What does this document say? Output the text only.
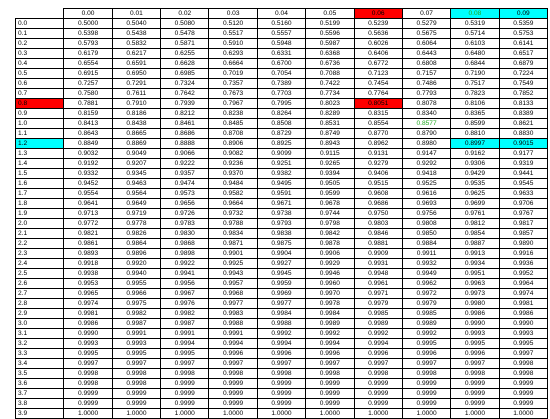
	0.00	0.01	0.02	0.03	0.04	0.05	0.06	0.07	0.08	0.09
0.0	0.5000	0.5040	0.5080	0.5120	0.5160	0.5199	0.5239	0.5279	0.5319	0.5359
0.1	0.5398	0.5438	0.5478	0.5517	0.5557	0.5596	0.5636	0.5675	0.5714	0.5753
0.2	0.5793	0.5832	0.5871	0.5910	0.5948	0.5987	0.6026	0.6064	0.6103	0.6141
0.3	0.6179	0.6217	0.6255	0.6293	0.6331	0.6368	0.6406	0.6443	0.6480	0.6517
0.4	0.6554	0.6591	0.6628	0.6664	0.6700	0.6736	0.6772	0.6808	0.6844	0.6879
0.5	0.6915	0.6950	0.6985	0.7019	0.7054	0.7088	0.7123	0.7157	0.7190	0.7224
0.6	0.7257	0.7291	0.7324	0.7357	0.7389	0.7422	0.7454	0.7486	0.7517	0.7549
0.7	0.7580	0.7611	0.7642	0.7673	0.7703	0.7734	0.7764	0.7793	0.7823	0.7852
0.8	0.7881	0.7910	0.7939	0.7967	0.7995	0.8023	0.8051	0.8078	0.8106	0.8133
0.9	0.8159	0.8186	0.8212	0.8238	0.8264	0.8289	0.8315	0.8340	0.8365	0.8389
1.0	0.8413	0.8438	0.8461	0.8485	0.8508	0.8531	0.8554	0.8577	0.8599	0.8621
1.1	0.8643	0.8665	0.8686	0.8708	0.8729	0.8749	0.8770	0.8790	0.8810	0.8830
1.2	0.8849	0.8869	0.8888	0.8906	0.8925	0.8943	0.8962	0.8980	0.8997	0.9015
1.3	0.9032	0.9049	0.9066	0.9082	0.9099	0.9115	0.9131	0.9147	0.9162	0.9177
1.4	0.9192	0.9207	0.9222	0.9236	0.9251	0.9265	0.9279	0.9292	0.9306	0.9319
1.5	0.9332	0.9345	0.9357	0.9370	0.9382	0.9394	0.9406	0.9418	0.9429	0.9441
1.6	0.9452	0.9463	0.9474	0.9484	0.9495	0.9505	0.9515	0.9525	0.9535	0.9545
1.7	0.9554	0.9564	0.9573	0.9582	0.9591	0.9599	0.9608	0.9616	0.9625	0.9633
1.8	0.9641	0.9649	0.9656	0.9664	0.9671	0.9678	0.9686	0.9693	0.9699	0.9706
1.9	0.9713	0.9719	0.9726	0.9732	0.9738	0.9744	0.9750	0.9756	0.9761	0.9767
2.0	0.9772	0.9778	0.9783	0.9788	0.9793	0.9798	0.9803	0.9808	0.9812	0.9817
2.1	0.9821	0.9826	0.9830	0.9834	0.9838	0.9842	0.9846	0.9850	0.9854	0.9857
2.2	0.9861	0.9864	0.9868	0.9871	0.9875	0.9878	0.9881	0.9884	0.9887	0.9890
2.3	0.9893	0.9896	0.9898	0.9901	0.9904	0.9906	0.9909	0.9911	0.9913	0.9916
2.4	0.9918	0.9920	0.9922	0.9925	0.9927	0.9929	0.9931	0.9932	0.9934	0.9936
2.5	0.9938	0.9940	0.9941	0.9943	0.9945	0.9946	0.9948	0.9949	0.9951	0.9952
2.6	0.9953	0.9955	0.9956	0.9957	0.9959	0.9960	0.9961	0.9962	0.9963	0.9964
2.7	0.9965	0.9966	0.9967	0.9968	0.9969	0.9970	0.9971	0.9972	0.9973	0.9974
2.8	0.9974	0.9975	0.9976	0.9977	0.9977	0.9978	0.9979	0.9979	0.9980	0.9981
2.9	0.9981	0.9982	0.9982	0.9983	0.9984	0.9984	0.9985	0.9985	0.9986	0.9986
3.0	0.9986	0.9987	0.9987	0.9988	0.9988	0.9989	0.9989	0.9989	0.9990	0.9990
3.1	0.9990	0.9991	0.9991	0.9991	0.9992	0.9992	0.9992	0.9992	0.9993	0.9993
3.2	0.9993	0.9993	0.9994	0.9994	0.9994	0.9994	0.9994	0.9995	0.9995	0.9995
3.3	0.9995	0.9995	0.9995	0.9996	0.9996	0.9996	0.9996	0.9996	0.9996	0.9997
3.4	0.9997	0.9997	0.9997	0.9997	0.9997	0.9997	0.9997	0.9997	0.9997	0.9998
3.5	0.9998	0.9998	0.9998	0.9998	0.9998	0.9998	0.9998	0.9998	0.9998	0.9998
3.6	0.9998	0.9998	0.9999	0.9999	0.9999	0.9999	0.9999	0.9999	0.9999	0.9999
3.7	0.9999	0.9999	0.9999	0.9999	0.9999	0.9999	0.9999	0.9999	0.9999	0.9999
3.8	0.9999	0.9999	0.9999	0.9999	0.9999	0.9999	0.9999	0.9999	0.9999	0.9999
3.9	1.0000	1.0000	1.0000	1.0000	1.0000	1.0000	1.0000	1.0000	1.0000	1.0000
